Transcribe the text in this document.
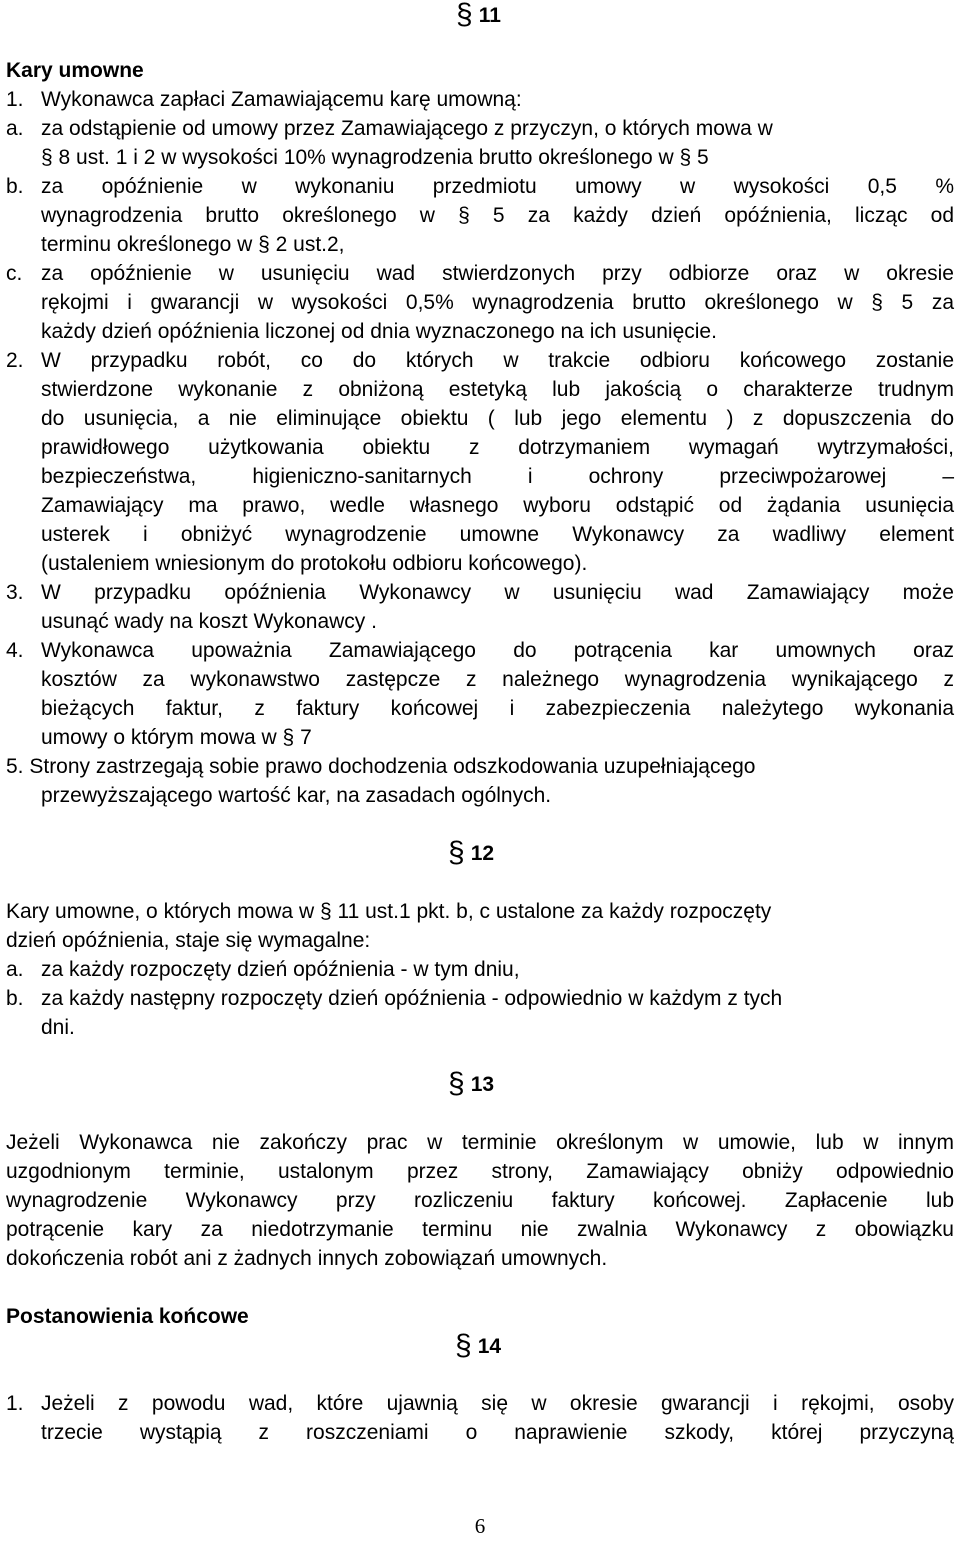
§ 11
Kary umowne
1. Wykonawca zapłaci Zamawiającemu karę umowną:
a. za odstąpienie od umowy przez Zamawiającego z przyczyn, o których mowa w
§ 8 ust. 1 i 2 w wysokości 10% wynagrodzenia brutto określonego w § 5
b. za opóźnienie w wykonaniu przedmiotu umowy w wysokości 0,5 %
wynagrodzenia brutto określonego w § 5 za każdy dzień opóźnienia, licząc od
terminu określonego w § 2 ust.2,
c. za opóźnienie w usunięciu wad stwierdzonych przy odbiorze oraz w okresie
rękojmi i gwarancji w wysokości 0,5% wynagrodzenia brutto określonego w § 5 za
każdy dzień opóźnienia liczonej od dnia wyznaczonego na ich usunięcie.
2. W przypadku robót, co do których w trakcie odbioru końcowego zostanie
stwierdzone wykonanie z obniżoną estetyką lub jakością o charakterze trudnym
do usunięcia, a nie eliminujące obiektu ( lub jego elementu ) z dopuszczenia do
prawidłowego użytkowania obiektu z dotrzymaniem wymagań wytrzymałości,
bezpieczeństwa, higieniczno-sanitarnych i ochrony przeciwpożarowej –
Zamawiający ma prawo, wedle własnego wyboru odstąpić od żądania usunięcia
usterek i obniżyć wynagrodzenie umowne Wykonawcy za wadliwy element
(ustaleniem wniesionym do protokołu odbioru końcowego).
3. W przypadku opóźnienia Wykonawcy w usunięciu wad Zamawiający może
usunąć wady na koszt Wykonawcy .
4. Wykonawca upoważnia Zamawiającego do potrącenia kar umownych oraz
kosztów za wykonawstwo zastępcze z należnego wynagrodzenia wynikającego z
bieżących faktur, z faktury końcowej i zabezpieczenia należytego wykonania
umowy o którym mowa w § 7
5. Strony zastrzegają sobie prawo dochodzenia odszkodowania uzupełniającego
przewyższającego wartość kar, na zasadach ogólnych.
§ 12
Kary umowne, o których mowa w § 11 ust.1 pkt. b, c ustalone za każdy rozpoczęty
dzień opóźnienia, staje się wymagalne:
a. za każdy rozpoczęty dzień opóźnienia - w tym dniu,
b. za każdy następny rozpoczęty dzień opóźnienia - odpowiednio w każdym z tych
dni.
§ 13
Jeżeli Wykonawca nie zakończy prac w terminie określonym w umowie, lub w innym
uzgodnionym terminie, ustalonym przez strony, Zamawiający obniży odpowiednio
wynagrodzenie Wykonawcy przy rozliczeniu faktury końcowej. Zapłacenie lub
potrącenie kary za niedotrzymanie terminu nie zwalnia Wykonawcy z obowiązku
dokończenia robót ani z żadnych innych zobowiązań umownych.
Postanowienia końcowe
§ 14
1. Jeżeli z powodu wad, które ujawnią się w okresie gwarancji i rękojmi, osoby
trzecie wystąpią z roszczeniami o naprawienie szkody, której przyczyną
6
